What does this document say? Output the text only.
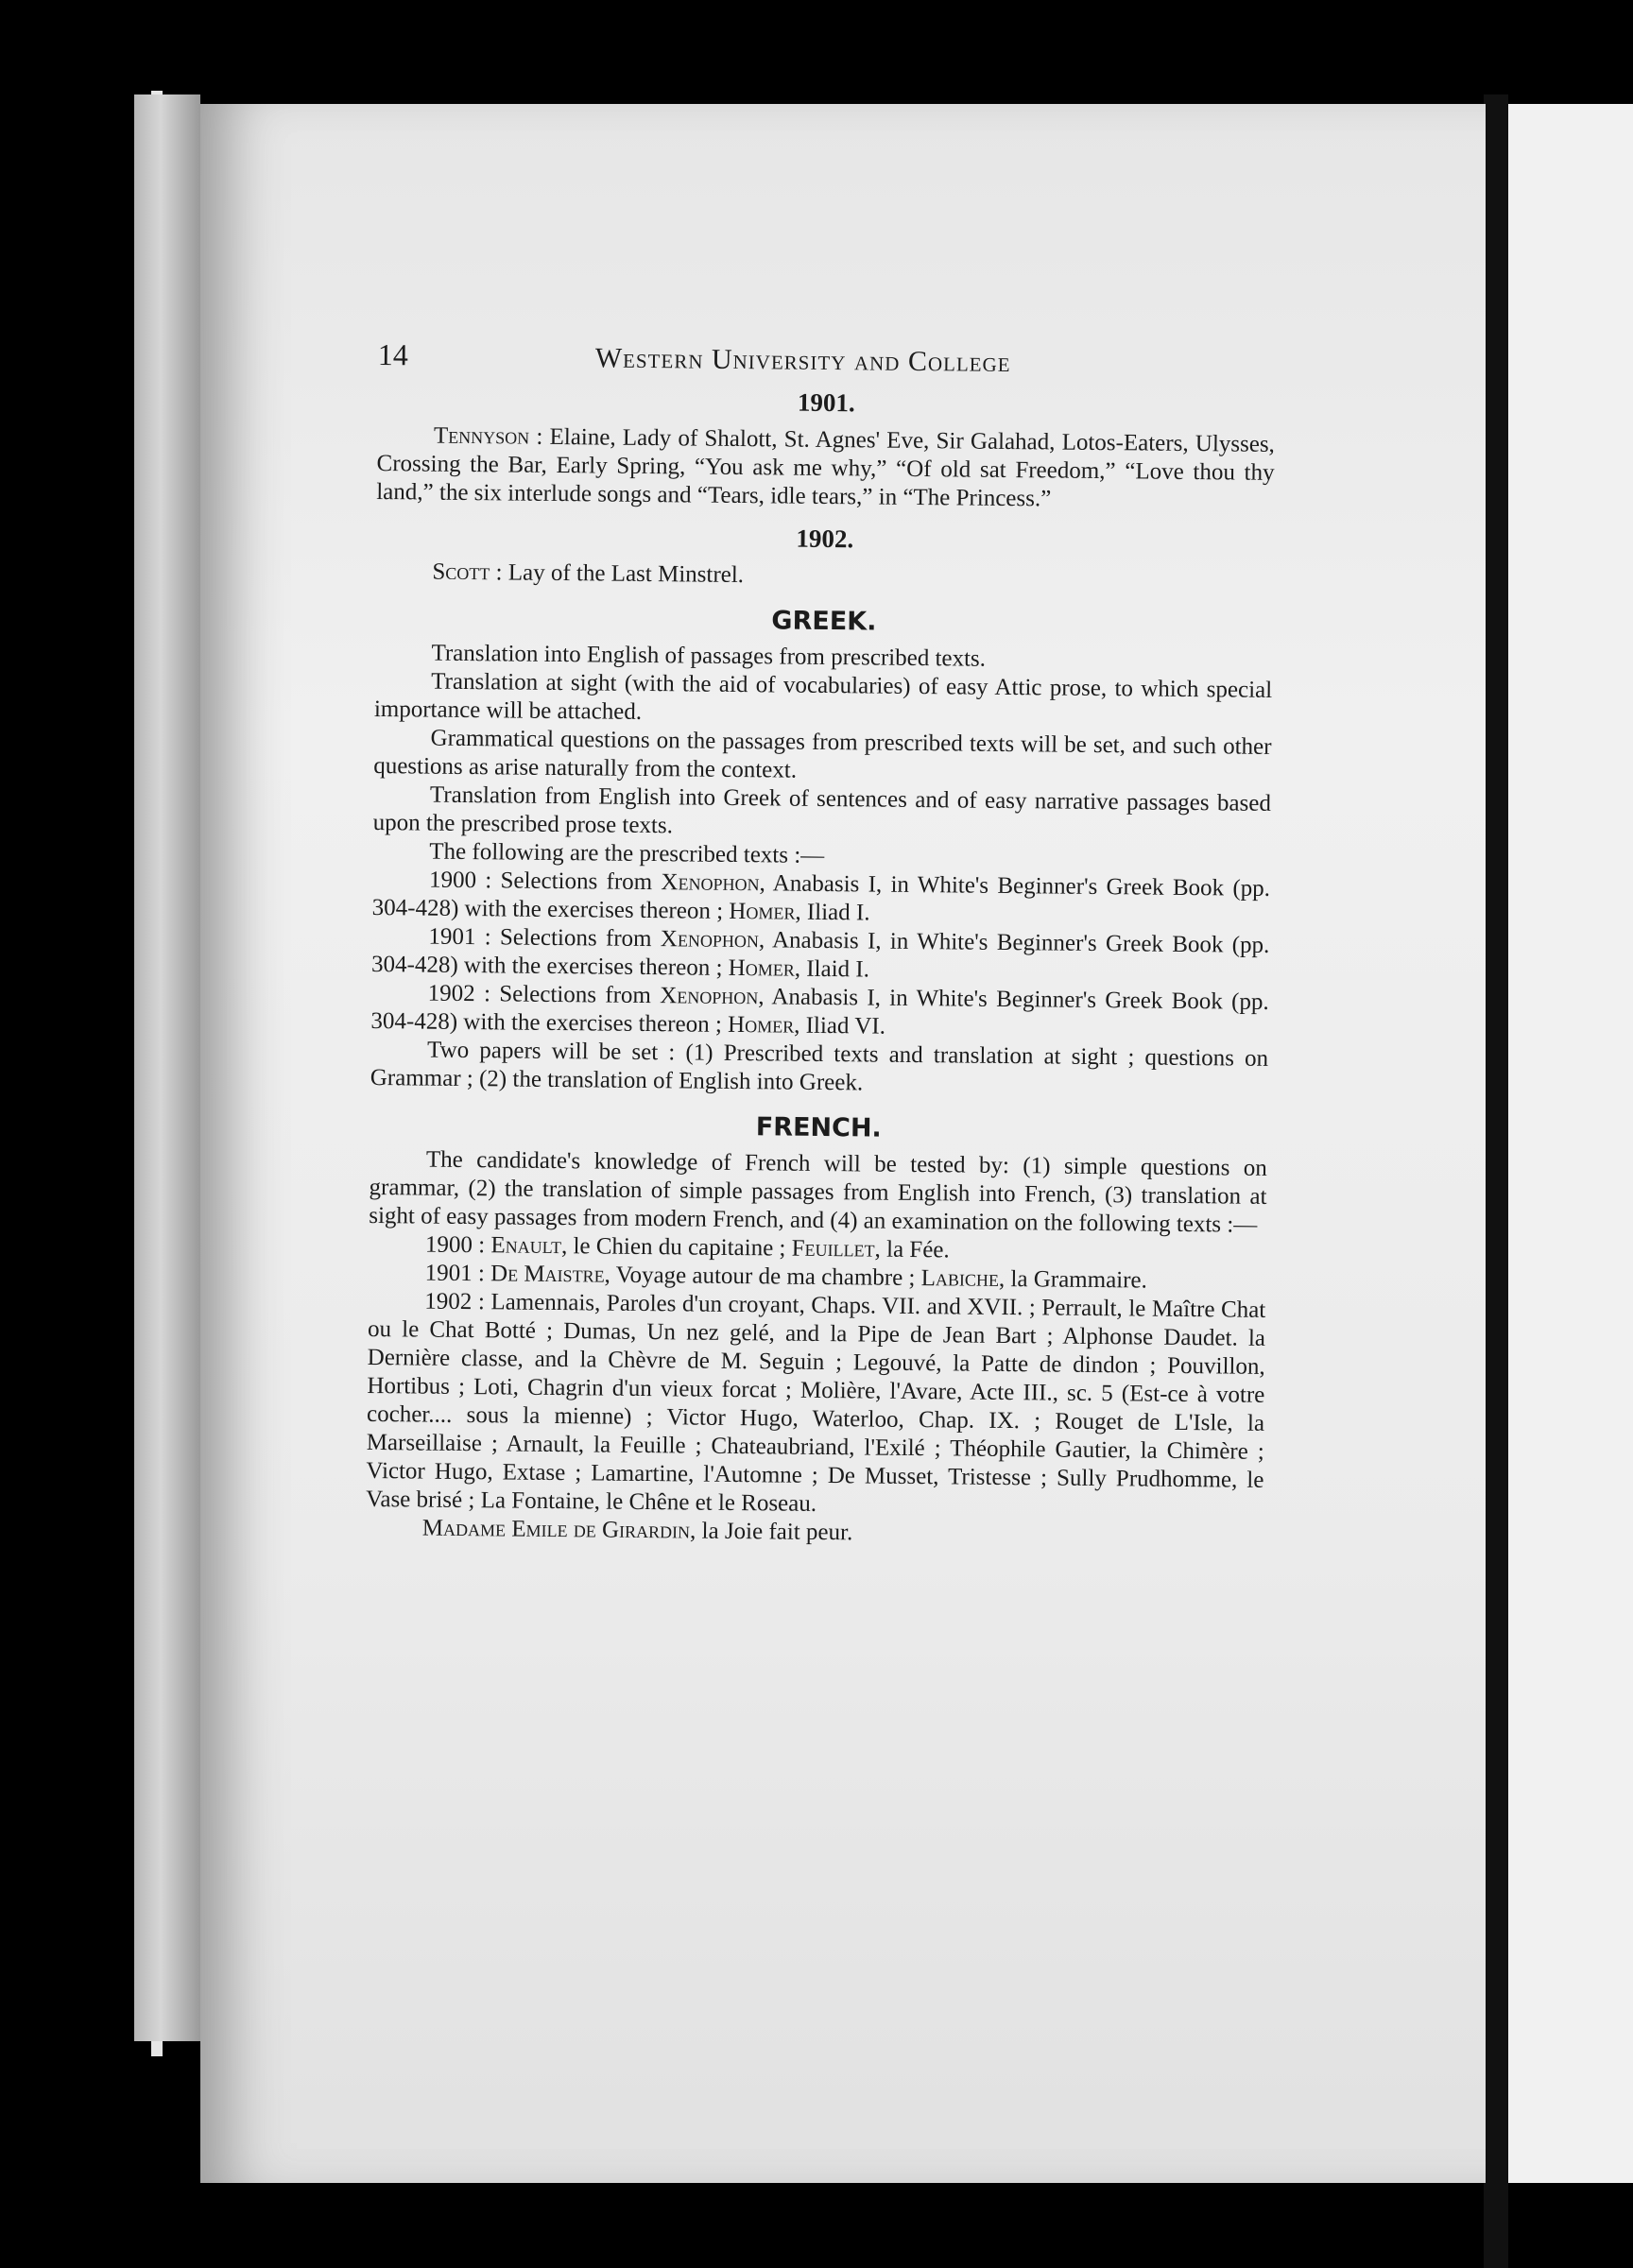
14	Western University and College
1901.

Tennyson : Elaine, Lady of Shalott, St. Agnes' Eve, Sir Galahad, Lotos-Eaters, Ulysses, Crossing the Bar, Early Spring, “You ask me why,” “Of old sat Freedom,” “Love thou thy land,” the six interlude songs and “Tears, idle tears,” in “The Princess.”

1902.

Scott : Lay of the Last Minstrel.

GREEK.

Translation into English of passages from prescribed texts.

Translation at sight (with the aid of vocabularies) of easy Attic prose, to which special importance will be attached.

Grammatical questions on the passages from prescribed texts will be set, and such other questions as arise naturally from the context.

Translation from English into Greek of sentences and of easy narrative passages based upon the prescribed prose texts.

The following are the prescribed texts :—

1900 : Selections from Xenophon, Anabasis I, in White's Beginner's Greek Book (pp. 304-428) with the exercises thereon ; Homer, Iliad I.

1901 : Selections from Xenophon, Anabasis I, in White's Beginner's Greek Book (pp. 304-428) with the exercises thereon ; Homer, Ilaid I.

1902 : Selections from Xenophon, Anabasis I, in White's Beginner's Greek Book (pp. 304-428) with the exercises thereon ; Homer, Iliad VI.

Two papers will be set : (1) Prescribed texts and translation at sight ; questions on Grammar ; (2) the translation of English into Greek.

FRENCH.

The candidate's knowledge of French will be tested by: (1) simple questions on grammar, (2) the translation of simple passages from English into French, (3) translation at sight of easy passages from modern French, and (4) an examination on the following texts :—

1900 : Enault, le Chien du capitaine ; Feuillet, la Fée.

1901 : De Maistre, Voyage autour de ma chambre ; Labiche, la Grammaire.

1902 : Lamennais, Paroles d'un croyant, Chaps. VII. and XVII. ; Perrault, le Maître Chat ou le Chat Botté ; Dumas, Un nez gelé, and la Pipe de Jean Bart ; Alphonse Daudet. la Dernière classe, and la Chèvre de M. Seguin ; Legouvé, la Patte de dindon ; Pouvillon, Hortibus ; Loti, Chagrin d'un vieux forcat ; Molière, l'Avare, Acte III., sc. 5 (Est-ce à votre cocher.... sous la mienne) ; Victor Hugo, Waterloo, Chap. IX. ; Rouget de L'Isle, la Marseillaise ; Arnault, la Feuille ; Chateaubriand, l'Exilé ; Théophile Gautier, la Chimère ; Victor Hugo, Extase ; Lamartine, l'Automne ; De Musset, Tristesse ; Sully Prudhomme, le Vase brisé ; La Fontaine, le Chêne et le Roseau.

Madame Emile de Girardin, la Joie fait peur.
